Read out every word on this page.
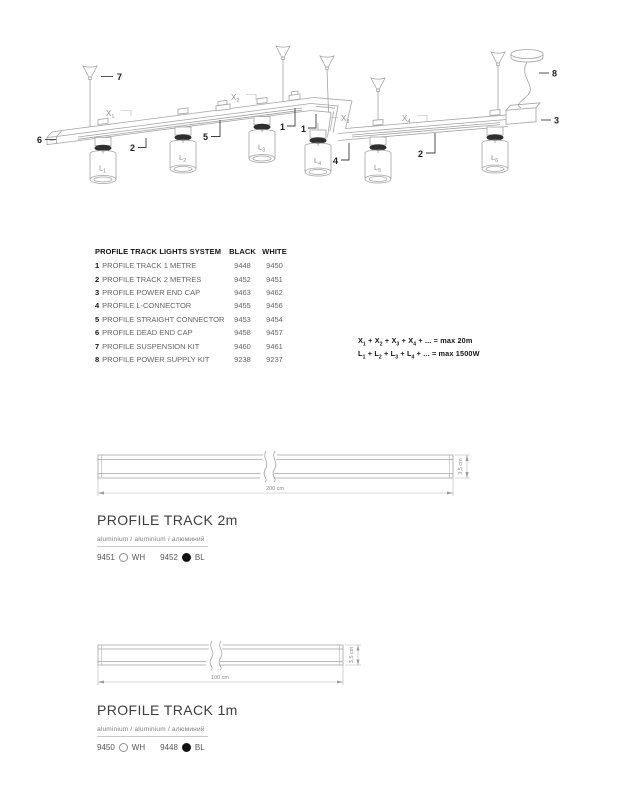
7
6
2
5
1 1
4
2
3
8
$X_1$
$X_2$
$X_3$	$X_4$
$L_1$
$L_2$
$L_3$
$L_4$	$L_5$
$L_6$
200 cm
3,5 cm
100 cm
3,5 cm
PROFILE TRACK LIGHTS SYSTEM	BLACK WHITE
1 PROFILE TRACK 1 METRE	9448	9450
2 PROFILE TRACK 2 METRES	9452	9451
3 PROFILE POWER END CAP	9463	9462
4 PROFILE L-CONNECTOR	9455	9456
5 PROFILE STRAIGHT CONNECTOR	9453	9454
6 PROFILE DEAD END CAP	9458	9457
7 PROFILE SUSPENSION KIT	9460	9461
8 PROFILE POWER SUPPLY KIT	9238	9237
$X_1 + X_2 + X_3 + X_4$ + ... = max 20m
$L_1 + L_2 + L_3 + L_4$ + ... = max 1500W
PROFILE TRACK 2m
aluminium / aluminium / алюминий
9451 WH 9452 BL
PROFILE TRACK 1m
aluminium / aluminium / алюминий
9450 WH 9448 BL
